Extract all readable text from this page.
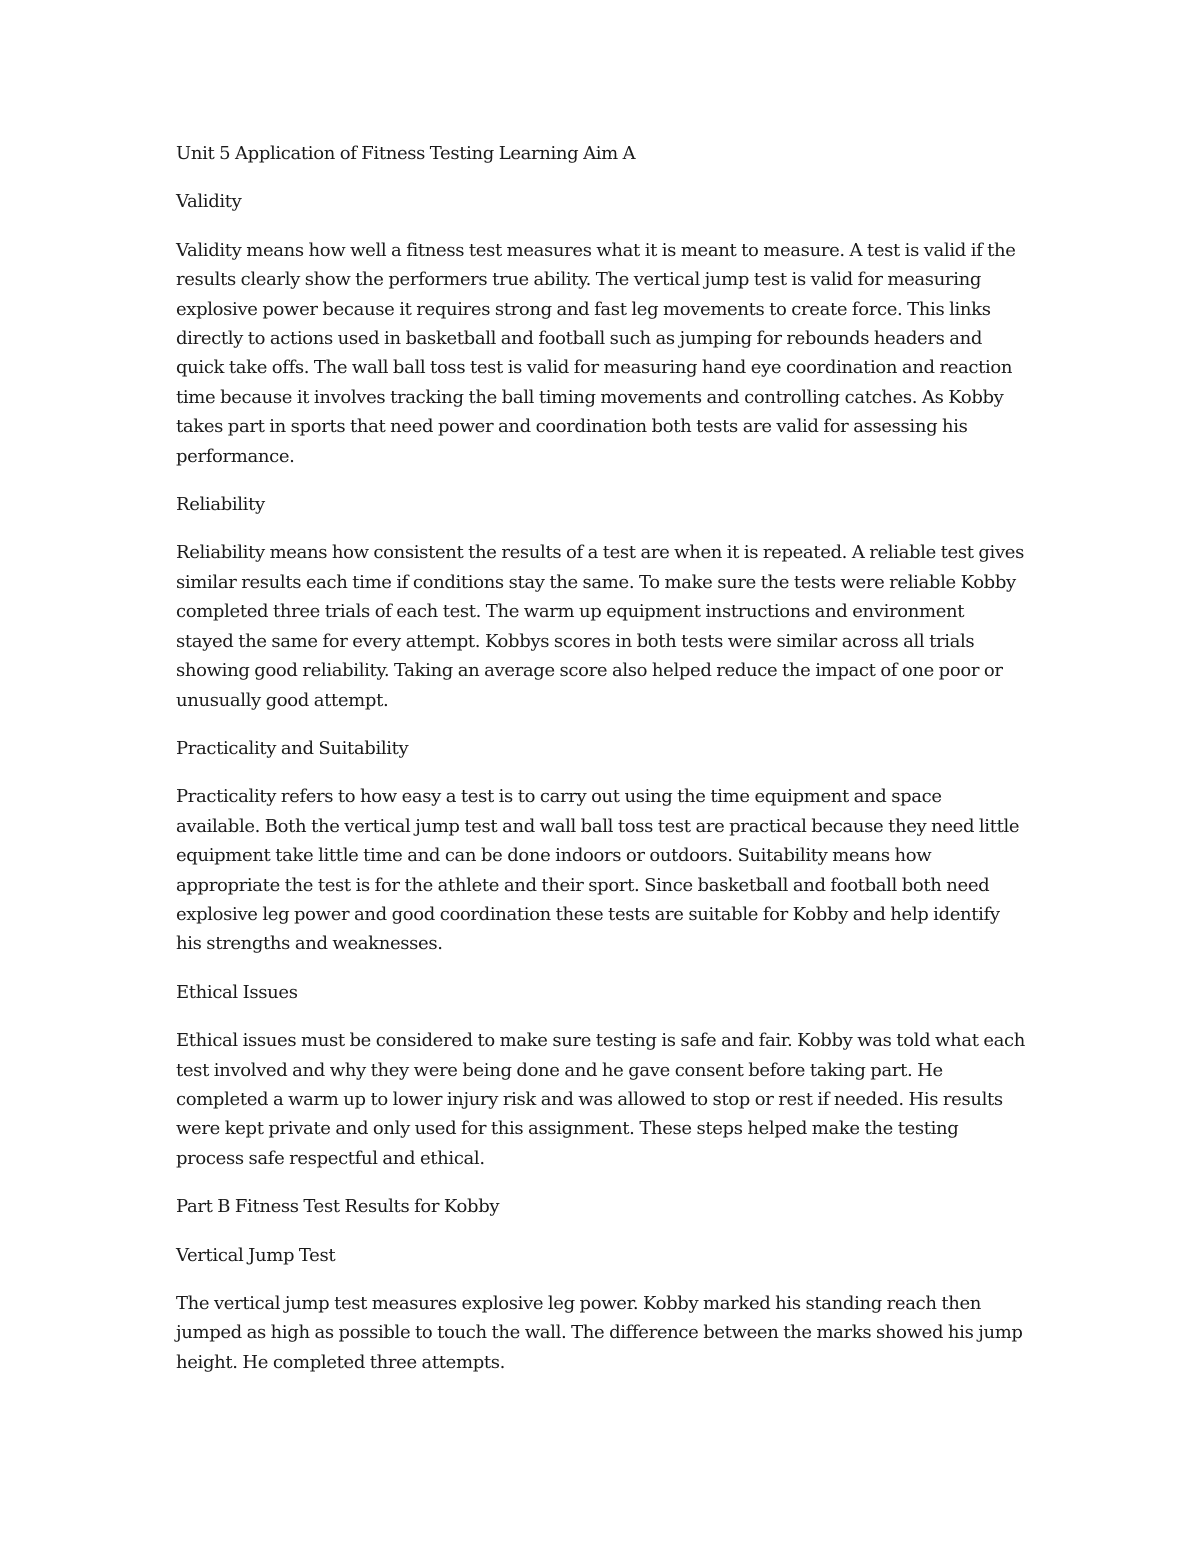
Unit 5 Application of Fitness Testing Learning Aim A

Validity

Validity means how well a fitness test measures what it is meant to measure. A test is valid if the results clearly show the performers true ability. The vertical jump test is valid for measuring explosive power because it requires strong and fast leg movements to create force. This links directly to actions used in basketball and football such as jumping for rebounds headers and quick take offs. The wall ball toss test is valid for measuring hand eye coordination and reaction time because it involves tracking the ball timing movements and controlling catches. As Kobby takes part in sports that need power and coordination both tests are valid for assessing his performance.

Reliability

Reliability means how consistent the results of a test are when it is repeated. A reliable test gives similar results each time if conditions stay the same. To make sure the tests were reliable Kobby completed three trials of each test. The warm up equipment instructions and environment stayed the same for every attempt. Kobbys scores in both tests were similar across all trials showing good reliability. Taking an average score also helped reduce the impact of one poor or unusually good attempt.

Practicality and Suitability

Practicality refers to how easy a test is to carry out using the time equipment and space available. Both the vertical jump test and wall ball toss test are practical because they need little equipment take little time and can be done indoors or outdoors. Suitability means how appropriate the test is for the athlete and their sport. Since basketball and football both need explosive leg power and good coordination these tests are suitable for Kobby and help identify his strengths and weaknesses.

Ethical Issues

Ethical issues must be considered to make sure testing is safe and fair. Kobby was told what each test involved and why they were being done and he gave consent before taking part. He completed a warm up to lower injury risk and was allowed to stop or rest if needed. His results were kept private and only used for this assignment. These steps helped make the testing process safe respectful and ethical.

Part B Fitness Test Results for Kobby

Vertical Jump Test

The vertical jump test measures explosive leg power. Kobby marked his standing reach then jumped as high as possible to touch the wall. The difference between the marks showed his jump height. He completed three attempts.
